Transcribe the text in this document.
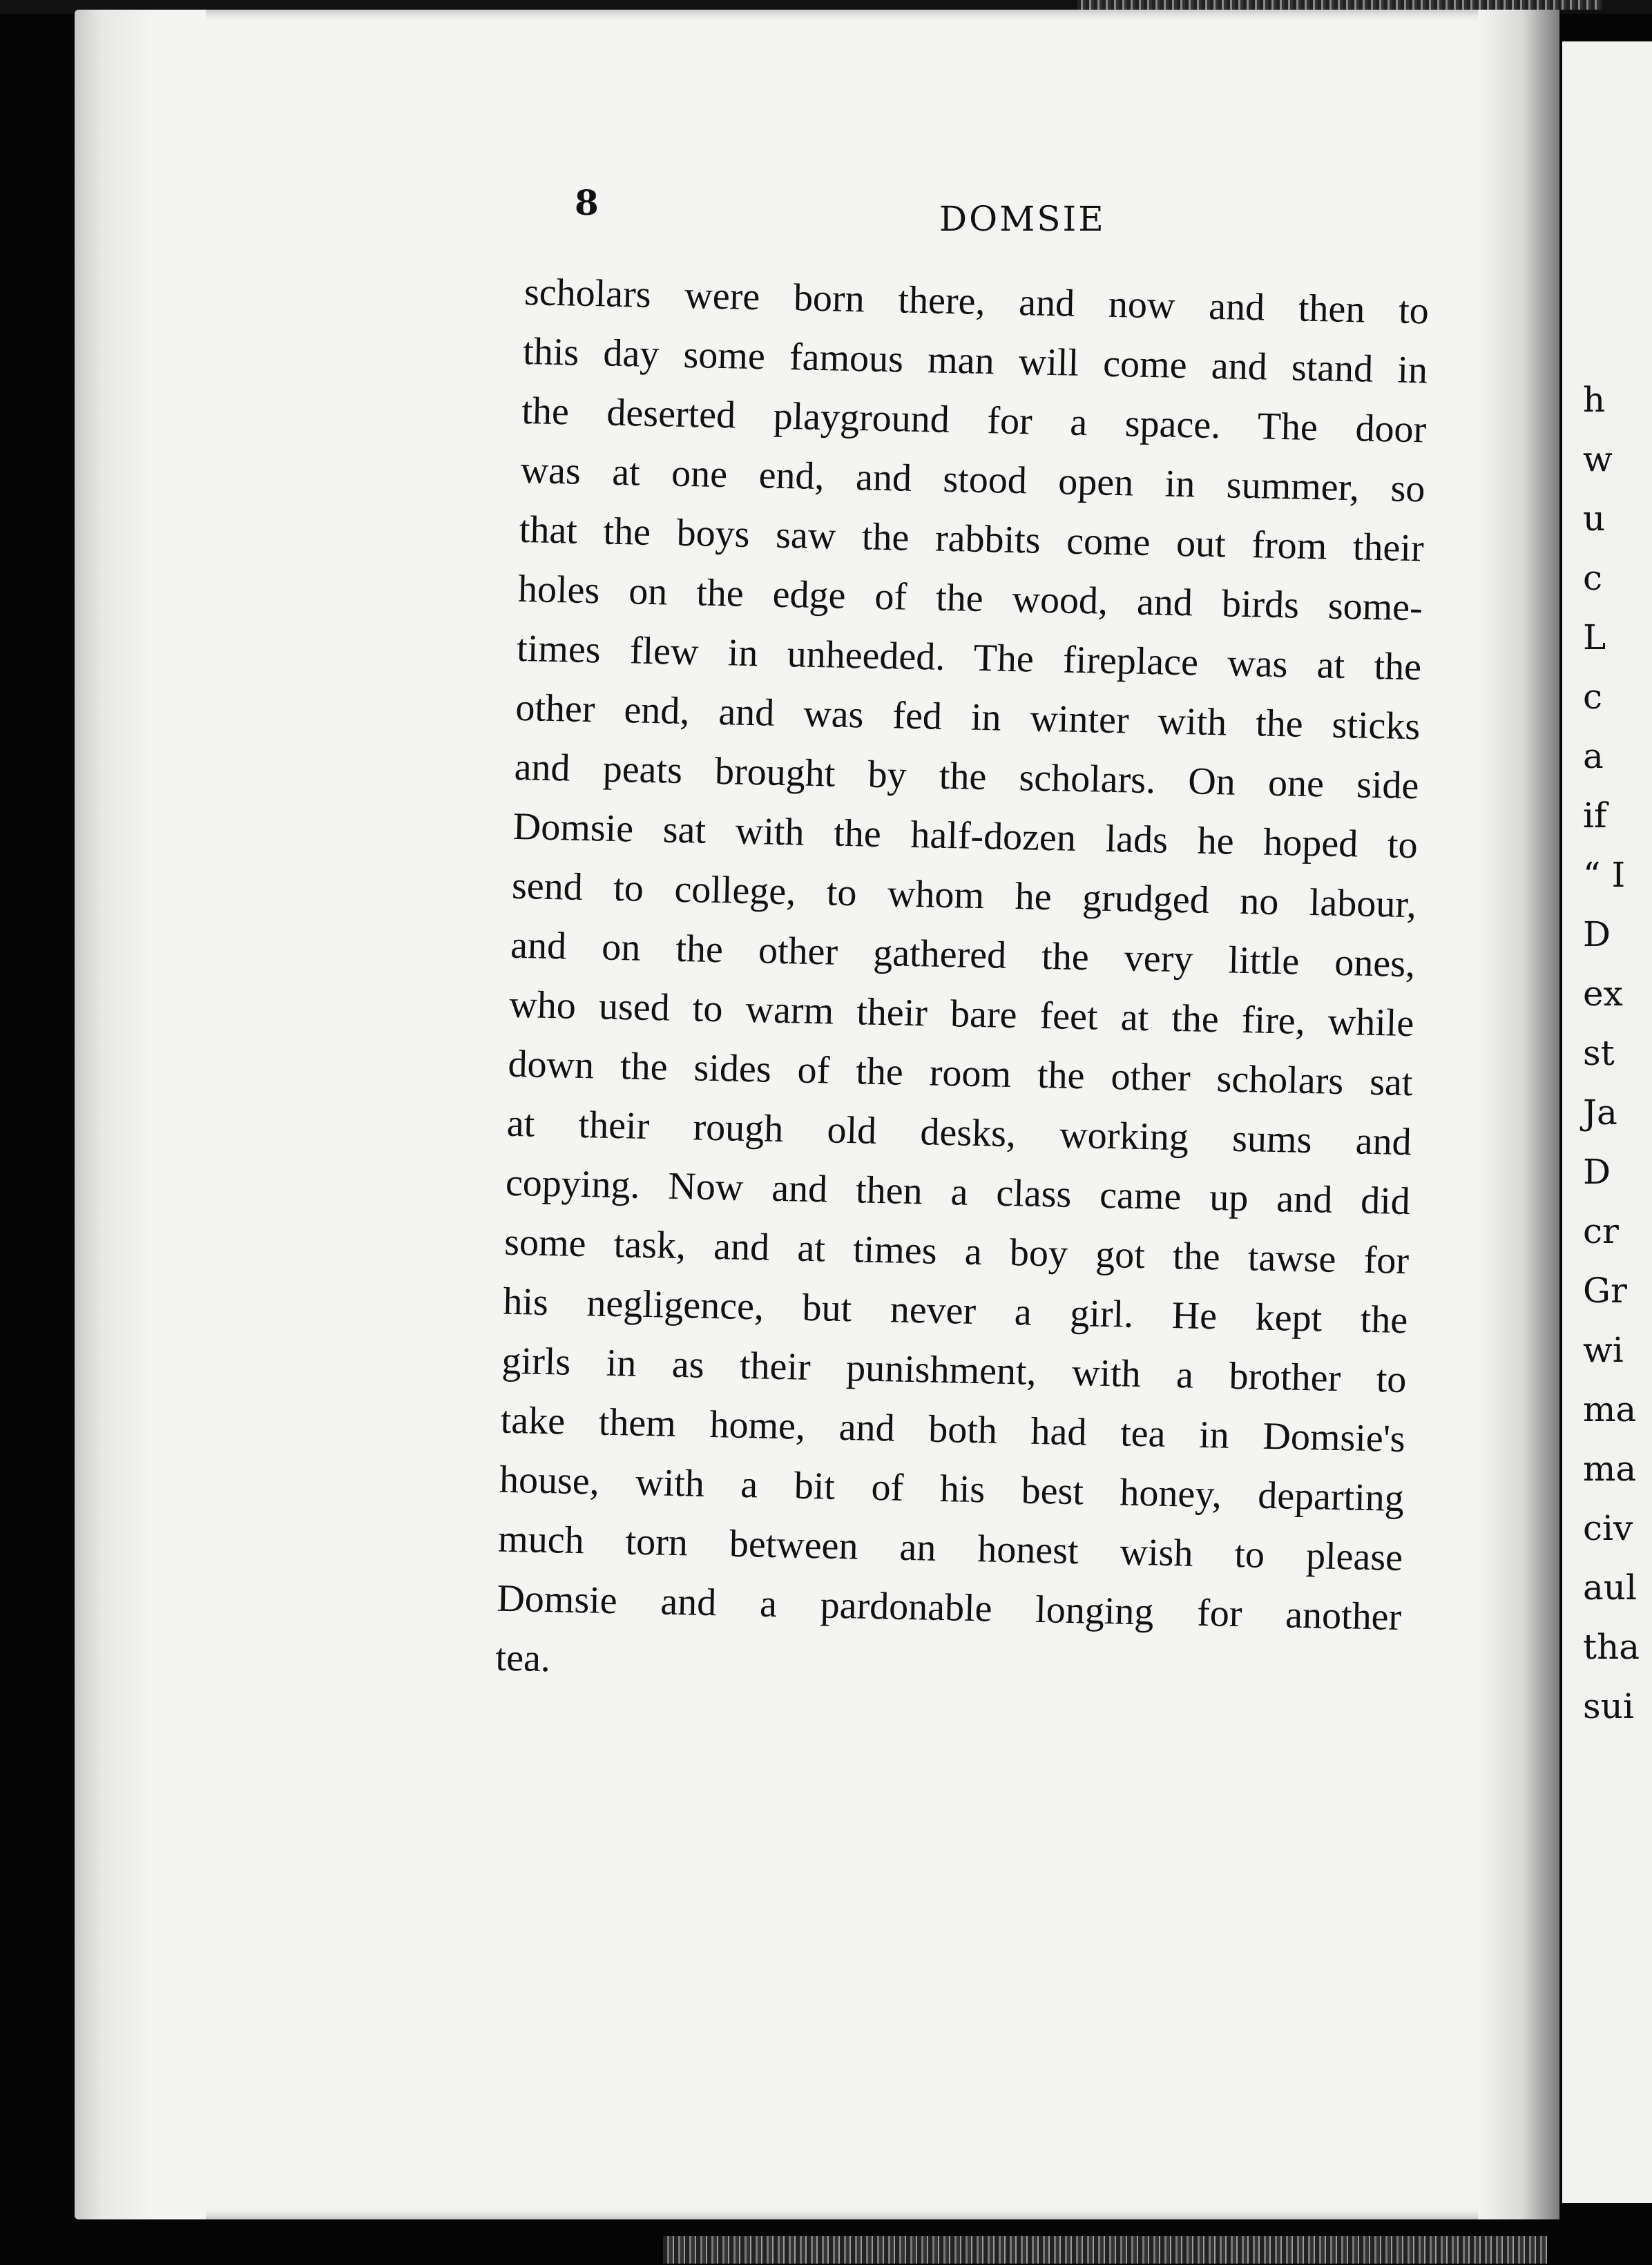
8	DOMSIE
scholars were born there, and now and then to
this day some famous man will come and stand in
the deserted playground for a space. The door
was at one end, and stood open in summer, so
that the boys saw the rabbits come out from their
holes on the edge of the wood, and birds some-
times flew in unheeded. The fireplace was at the
other end, and was fed in winter with the sticks
and peats brought by the scholars. On one side
Domsie sat with the half-dozen lads he hoped to
send to college, to whom he grudged no labour,
and on the other gathered the very little ones,
who used to warm their bare feet at the fire, while
down the sides of the room the other scholars sat
at their rough old desks, working sums and
copying. Now and then a class came up and did
some task, and at times a boy got the tawse for
his negligence, but never a girl. He kept the
girls in as their punishment, with a brother to
take them home, and both had tea in Domsie's
house, with a bit of his best honey, departing
much torn between an honest wish to please
Domsie and a pardonable longing for another
tea.
h
w
u
c
L
c
a
if
“ I
D
ex
st
Ja
D
cr
Gr
wi
ma
ma
civ
aul
tha
sui
